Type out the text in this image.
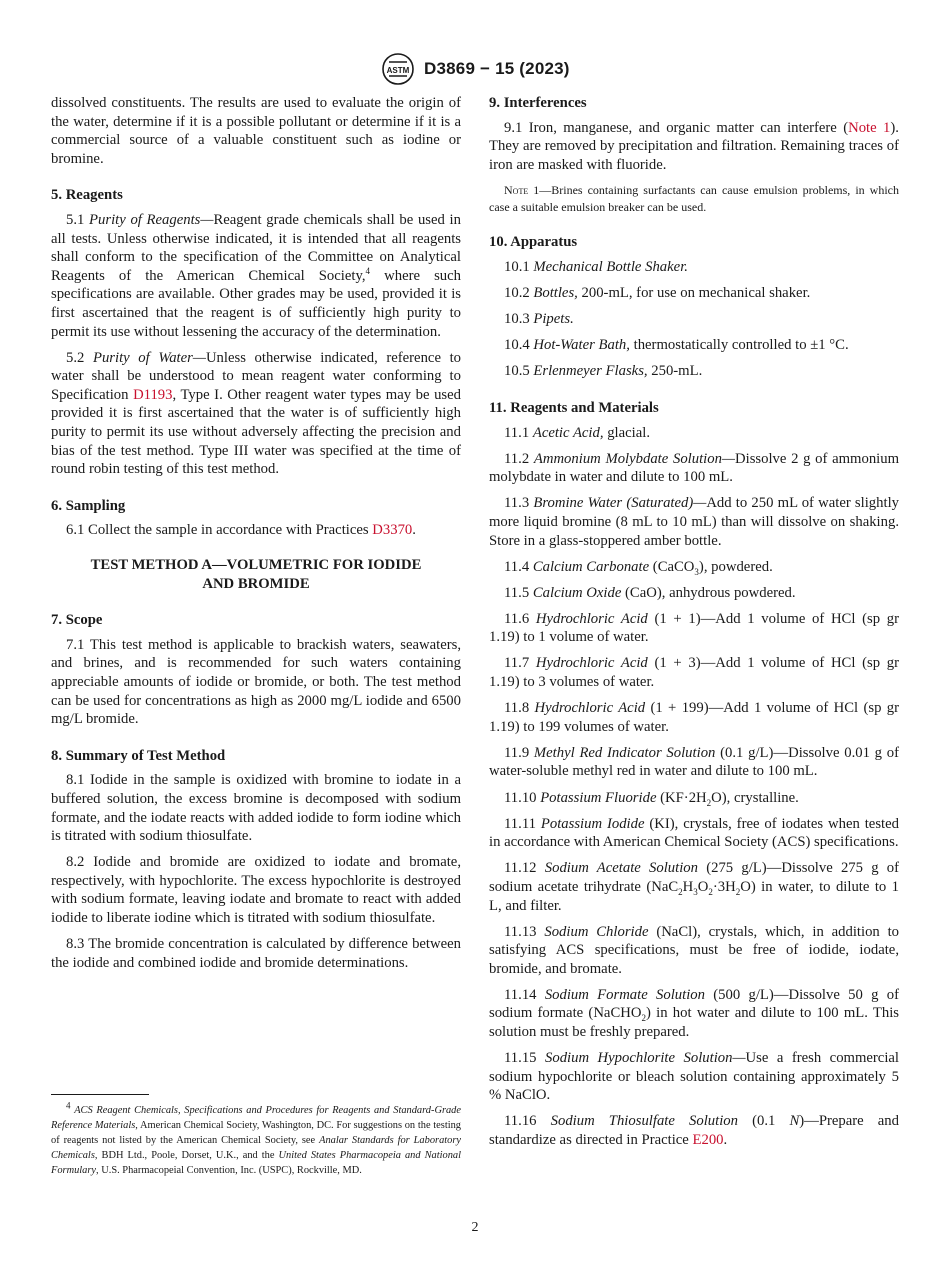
ASTM D3869 − 15 (2023)

dissolved constituents. The results are used to evaluate the origin of the water, determine if it is a possible pollutant or determine if it is a commercial source of a valuable constituent such as iodine or bromine.

5. Reagents

5.1 Purity of Reagents—Reagent grade chemicals shall be used in all tests. Unless otherwise indicated, it is intended that all reagents shall conform to the specification of the Committee on Analytical Reagents of the American Chemical Society,$^4$ where such specifications are available. Other grades may be used, provided it is first ascertained that the reagent is of sufficiently high purity to permit its use without lessening the accuracy of the determination.

5.2 Purity of Water—Unless otherwise indicated, reference to water shall be understood to mean reagent water conforming to Specification D1193, Type I. Other reagent water types may be used provided it is first ascertained that the water is of sufficiently high purity to permit its use without adversely affecting the precision and bias of the test method. Type III water was specified at the time of round robin testing of this test method.

6. Sampling

6.1 Collect the sample in accordance with Practices D3370.

TEST METHOD A—VOLUMETRIC FOR IODIDE
AND BROMIDE
7. Scope

7.1 This test method is applicable to brackish waters, seawaters, and brines, and is recommended for such waters containing appreciable amounts of iodide or bromide, or both. The test method can be used for concentrations as high as 2000 mg/L iodide and 6500 mg/L bromide.

8. Summary of Test Method

8.1 Iodide in the sample is oxidized with bromine to iodate in a buffered solution, the excess bromine is decomposed with sodium formate, and the iodate reacts with added iodide to form iodine which is titrated with sodium thiosulfate.

8.2 Iodide and bromide are oxidized to iodate and bromate, respectively, with hypochlorite. The excess hypochlorite is destroyed with sodium formate, leaving iodate and bromate to react with added iodide to liberate iodine which is titrated with sodium thiosulfate.

8.3 The bromide concentration is calculated by difference between the iodide and combined iodide and bromide determinations.

$^4$ ACS Reagent Chemicals, Specifications and Procedures for Reagents and Standard-Grade Reference Materials, American Chemical Society, Washington, DC. For suggestions on the testing of reagents not listed by the American Chemical Society, see Analar Standards for Laboratory Chemicals, BDH Ltd., Poole, Dorset, U.K., and the United States Pharmacopeia and National Formulary, U.S. Pharmacopeial Convention, Inc. (USPC), Rockville, MD.
9. Interferences

9.1 Iron, manganese, and organic matter can interfere (Note 1). They are removed by precipitation and filtration. Remaining traces of iron are masked with fluoride.

Note 1—Brines containing surfactants can cause emulsion problems, in which case a suitable emulsion breaker can be used.

10. Apparatus

10.1 Mechanical Bottle Shaker.

10.2 Bottles, 200-mL, for use on mechanical shaker.

10.3 Pipets.

10.4 Hot-Water Bath, thermostatically controlled to ±1 °C.

10.5 Erlenmeyer Flasks, 250-mL.

11. Reagents and Materials

11.1 Acetic Acid, glacial.

11.2 Ammonium Molybdate Solution—Dissolve 2 g of ammonium molybdate in water and dilute to 100 mL.

11.3 Bromine Water (Saturated)—Add to 250 mL of water slightly more liquid bromine (8 mL to 10 mL) than will dissolve on shaking. Store in a glass-stoppered amber bottle.

11.4 Calcium Carbonate (CaCO$_3$), powdered.

11.5 Calcium Oxide (CaO), anhydrous powdered.

11.6 Hydrochloric Acid (1 + 1)—Add 1 volume of HCl (sp gr 1.19) to 1 volume of water.

11.7 Hydrochloric Acid (1 + 3)—Add 1 volume of HCl (sp gr 1.19) to 3 volumes of water.

11.8 Hydrochloric Acid (1 + 199)—Add 1 volume of HCl (sp gr 1.19) to 199 volumes of water.

11.9 Methyl Red Indicator Solution (0.1 g/L)—Dissolve 0.01 g of water-soluble methyl red in water and dilute to 100 mL.

11.10 Potassium Fluoride $(KF\cdot 2H_2O)$, crystalline.

11.11 Potassium Iodide (KI), crystals, free of iodates when tested in accordance with American Chemical Society (ACS) specifications.

11.12 Sodium Acetate Solution (275 g/L)—Dissolve 275 g of sodium acetate trihydrate $(NaC_2H_3O_2\cdot 3H_2O)$ in water, to dilute to 1 L, and filter.

11.13 Sodium Chloride (NaCl), crystals, which, in addition to satisfying ACS specifications, must be free of iodide, iodate, bromide, and bromate.

11.14 Sodium Formate Solution (500 g/L)—Dissolve 50 g of sodium formate (NaCHO$_2$) in hot water and dilute to 100 mL. This solution must be freshly prepared.

11.15 Sodium Hypochlorite Solution—Use a fresh commercial sodium hypochlorite or bleach solution containing approximately 5 % NaClO.

11.16 Sodium Thiosulfate Solution (0.1 N)—Prepare and standardize as directed in Practice E200.

2
